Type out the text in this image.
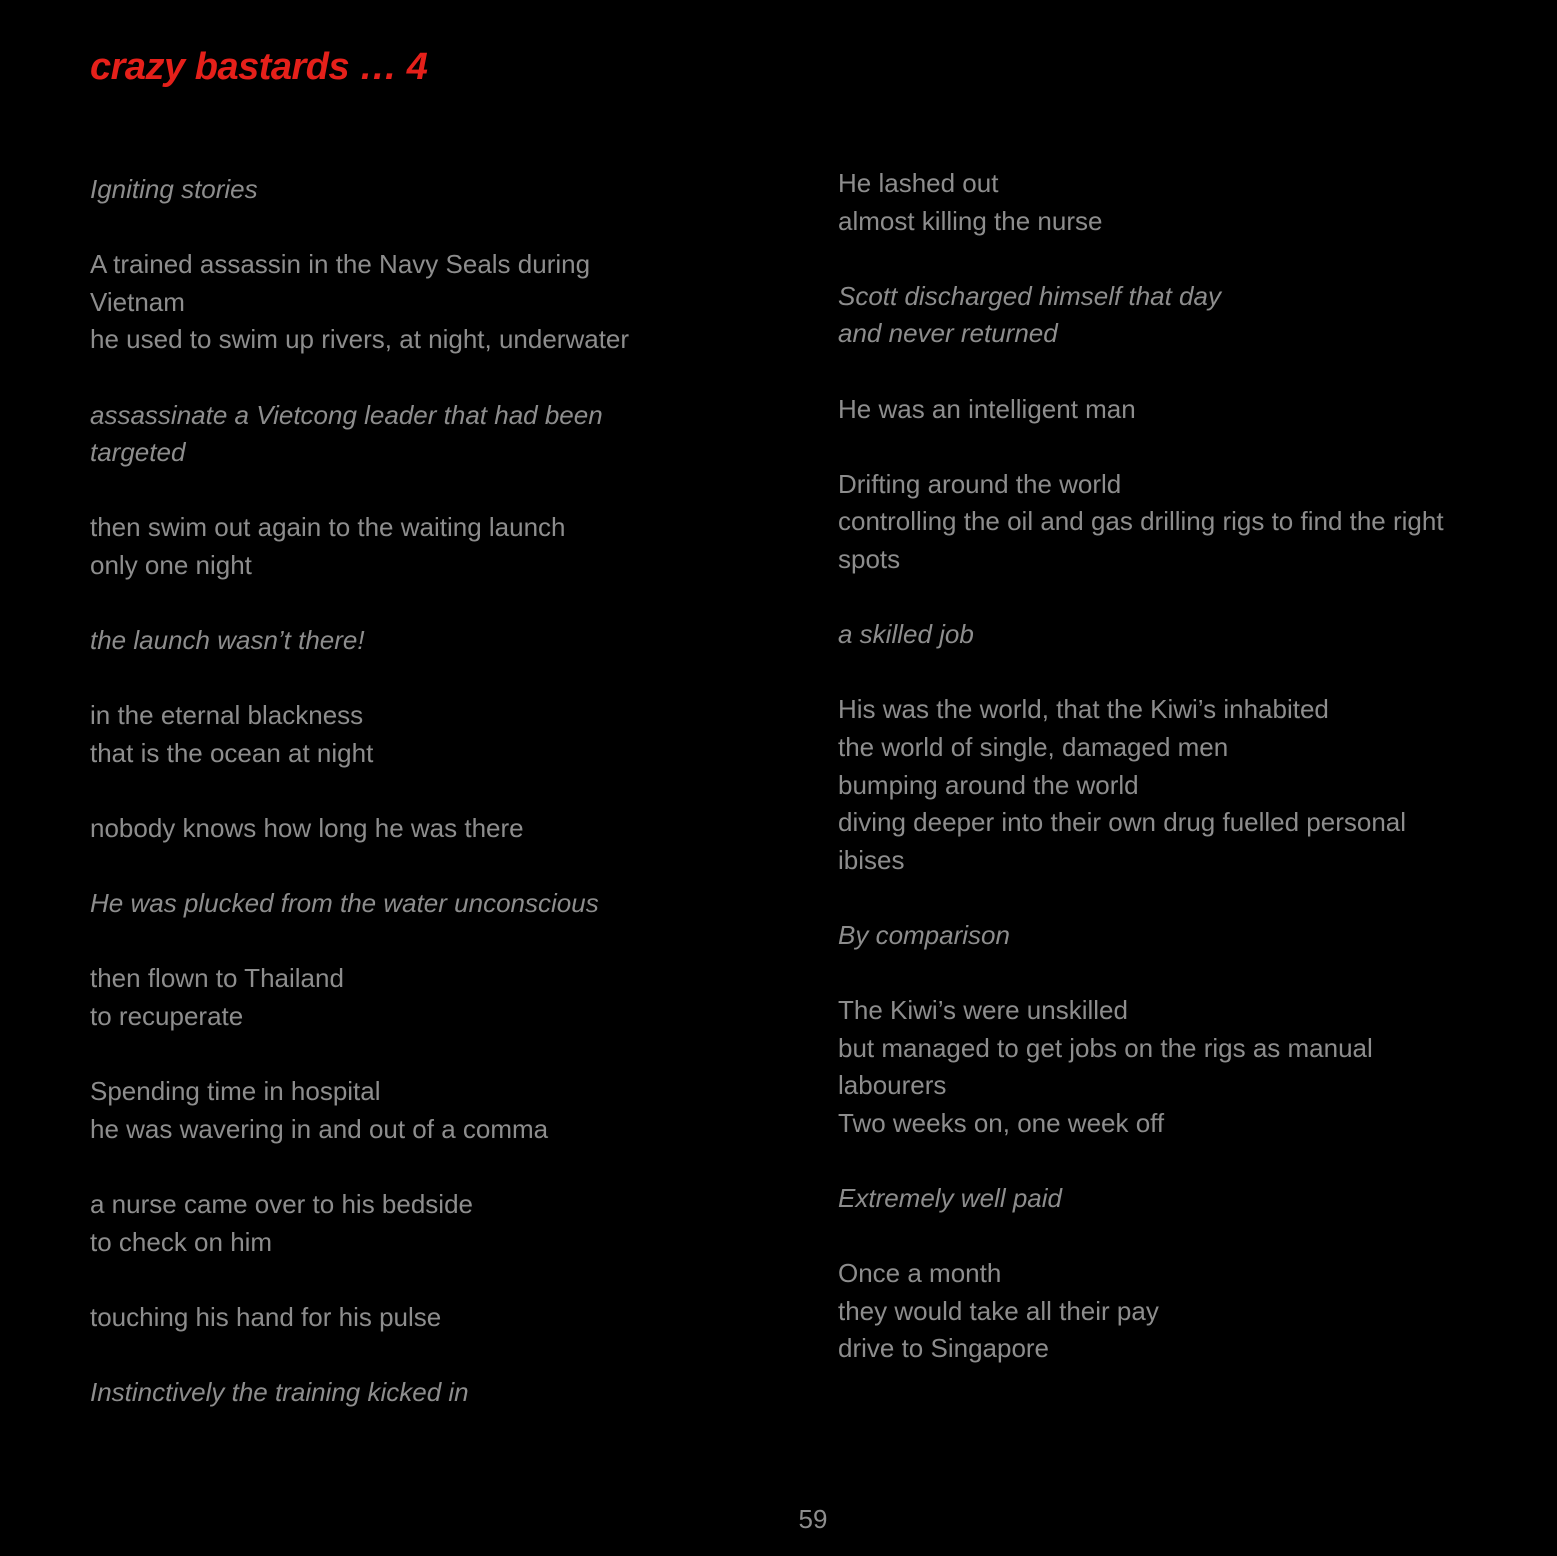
crazy bastards … 4

Igniting stories

A trained assassin in the Navy Seals during
Vietnam
he used to swim up rivers, at night, underwater

assassinate a Vietcong leader that had been
targeted

then swim out again to the waiting launch
only one night

the launch wasn’t there!

in the eternal blackness
that is the ocean at night

nobody knows how long he was there

He was plucked from the water unconscious

then flown to Thailand
to recuperate

Spending time in hospital
he was wavering in and out of a comma

a nurse came over to his bedside
to check on him

touching his hand for his pulse

Instinctively the training kicked in

He lashed out
almost killing the nurse

Scott discharged himself that day
and never returned

He was an intelligent man

Drifting around the world
controlling the oil and gas drilling rigs to find the right
spots

a skilled job

His was the world, that the Kiwi’s inhabited
the world of single, damaged men
bumping around the world
diving deeper into their own drug fuelled personal
ibises

By comparison

The Kiwi’s were unskilled
but managed to get jobs on the rigs as manual
labourers
Two weeks on, one week off

Extremely well paid

Once a month
they would take all their pay
drive to Singapore

59
